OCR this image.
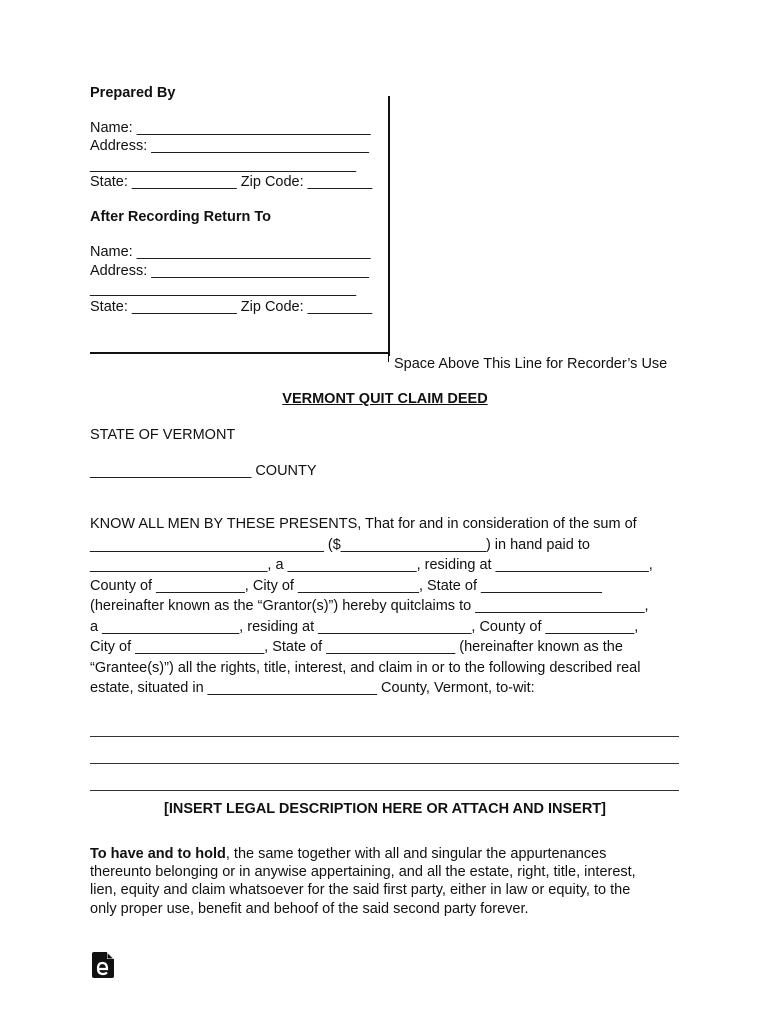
Prepared By
Name: _____________________________
Address: ___________________________
_________________________________
State: _____________ Zip Code: ________
After Recording Return To
Name: _____________________________
Address: ___________________________
_________________________________
State: _____________ Zip Code: ________
Space Above This Line for Recorder’s Use
VERMONT QUIT CLAIM DEED
STATE OF VERMONT
____________________ COUNTY

KNOW ALL MEN BY THESE PRESENTS, That for and in consideration of the sum of

_____________________________ ($__________________) in hand paid to

______________________, a ________________, residing at ___________________,

County of ___________, City of _______________, State of _______________

(hereinafter known as the “Grantor(s)”) hereby quitclaims to _____________________,

a _________________, residing at ___________________, County of ___________,

City of ________________, State of ________________ (hereinafter known as the

“Grantee(s)”) all the rights, title, interest, and claim in or to the following described real

estate, situated in _____________________ County, Vermont, to-wit:

[INSERT LEGAL DESCRIPTION HERE OR ATTACH AND INSERT]

To have and to hold, the same together with all and singular the appurtenances

thereunto belonging or in anywise appertaining, and all the estate, right, title, interest,

lien, equity and claim whatsoever for the said first party, either in law or equity, to the

only proper use, benefit and behoof of the said second party forever.
